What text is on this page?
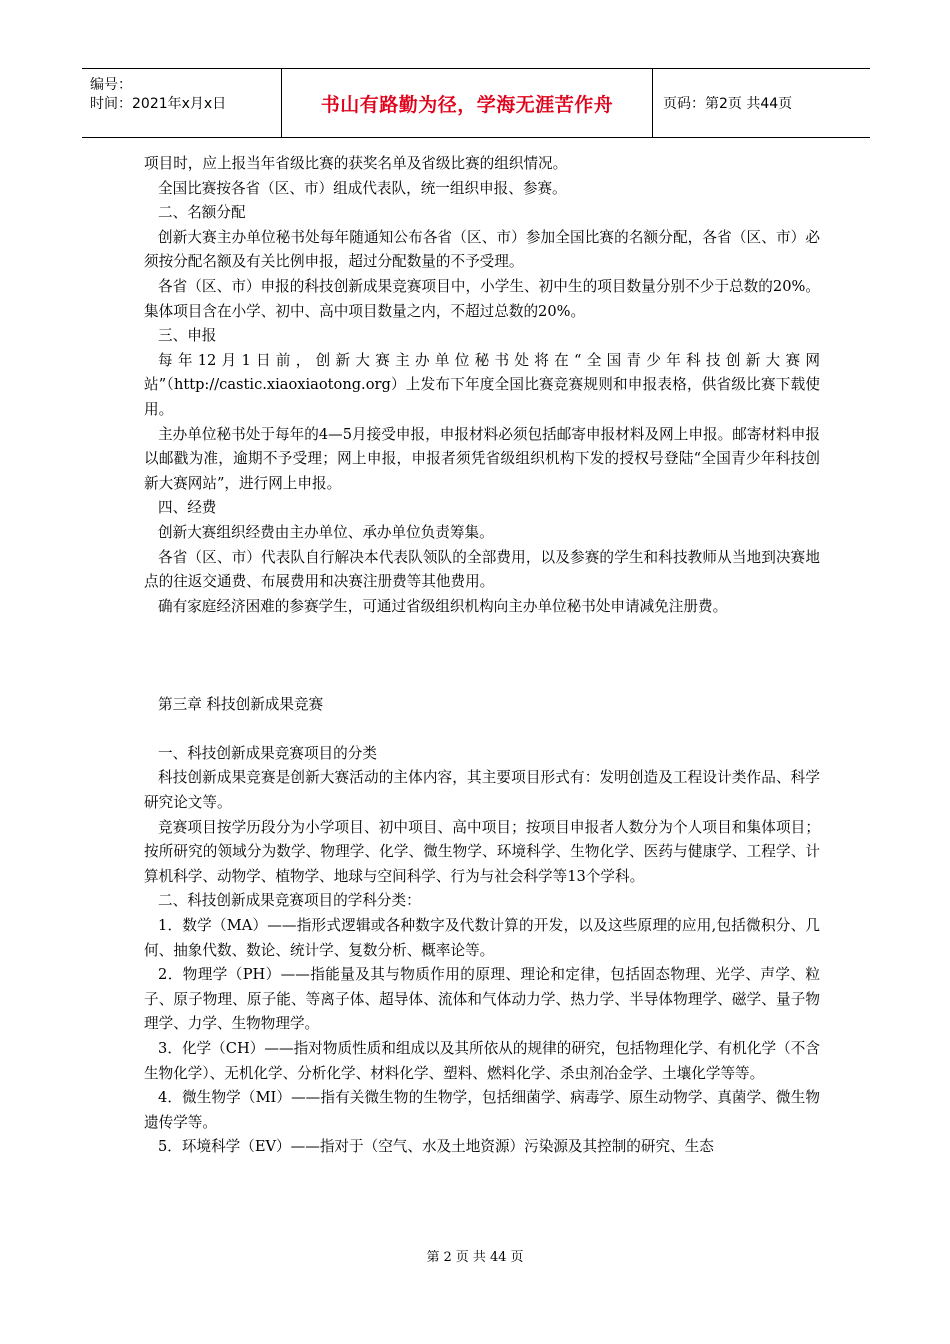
编号：
时间：2021年x月x日	书山有路勤为径，学海无涯苦作舟	页码：第2页 共44页

项目时，应上报当年省级比赛的获奖名单及省级比赛的组织情况。

全国比赛按各省（区、市）组成代表队，统一组织申报、参赛。

二、名额分配

创新大赛主办单位秘书处每年随通知公布各省（区、市）参加全国比赛的名额分配，各省（区、市）必须按分配名额及有关比例申报，超过分配数量的不予受理。

各省（区、市）申报的科技创新成果竞赛项目中，小学生、初中生的项目数量分别不少于总数的20%。集体项目含在小学、初中、高中项目数量之内，不超过总数的20%。

三、申报

每年12月1日前，创新大赛主办单位秘书处将在“全国青少年科技创新大赛网站”（http://castic.xiaoxiaotong.org）上发布下年度全国比赛竞赛规则和申报表格，供省级比赛下载使用。

主办单位秘书处于每年的4—5月接受申报，申报材料必须包括邮寄申报材料及网上申报。邮寄材料申报以邮戳为准，逾期不予受理；网上申报，申报者须凭省级组织机构下发的授权号登陆“全国青少年科技创新大赛网站”，进行网上申报。

四、经费

创新大赛组织经费由主办单位、承办单位负责筹集。

各省（区、市）代表队自行解决本代表队领队的全部费用，以及参赛的学生和科技教师从当地到决赛地点的往返交通费、布展费用和决赛注册费等其他费用。

确有家庭经济困难的参赛学生，可通过省级组织机构向主办单位秘书处申请减免注册费。

第三章 科技创新成果竞赛

一、科技创新成果竞赛项目的分类

科技创新成果竞赛是创新大赛活动的主体内容，其主要项目形式有：发明创造及工程设计类作品、科学研究论文等。

竞赛项目按学历段分为小学项目、初中项目、高中项目；按项目申报者人数分为个人项目和集体项目；按所研究的领域分为数学、物理学、化学、微生物学、环境科学、生物化学、医药与健康学、工程学、计算机科学、动物学、植物学、地球与空间科学、行为与社会科学等13个学科。

二、科技创新成果竞赛项目的学科分类：

1．数学（MA）——指形式逻辑或各种数字及代数计算的开发，以及这些原理的应用,包括微积分、几何、抽象代数、数论、统计学、复数分析、概率论等。

2．物理学（PH）——指能量及其与物质作用的原理、理论和定律，包括固态物理、光学、声学、粒子、原子物理、原子能、等离子体、超导体、流体和气体动力学、热力学、半导体物理学、磁学、量子物理学、力学、生物物理学。

3．化学（CH）——指对物质性质和组成以及其所依从的规律的研究，包括物理化学、有机化学（不含生物化学）、无机化学、分析化学、材料化学、塑料、燃料化学、杀虫剂冶金学、土壤化学等等。

4．微生物学（MI）——指有关微生物的生物学，包括细菌学、病毒学、原生动物学、真菌学、微生物遗传学等。

5．环境科学（EV）——指对于（空气、水及土地资源）污染源及其控制的研究、生态

第 2 页 共 44 页
